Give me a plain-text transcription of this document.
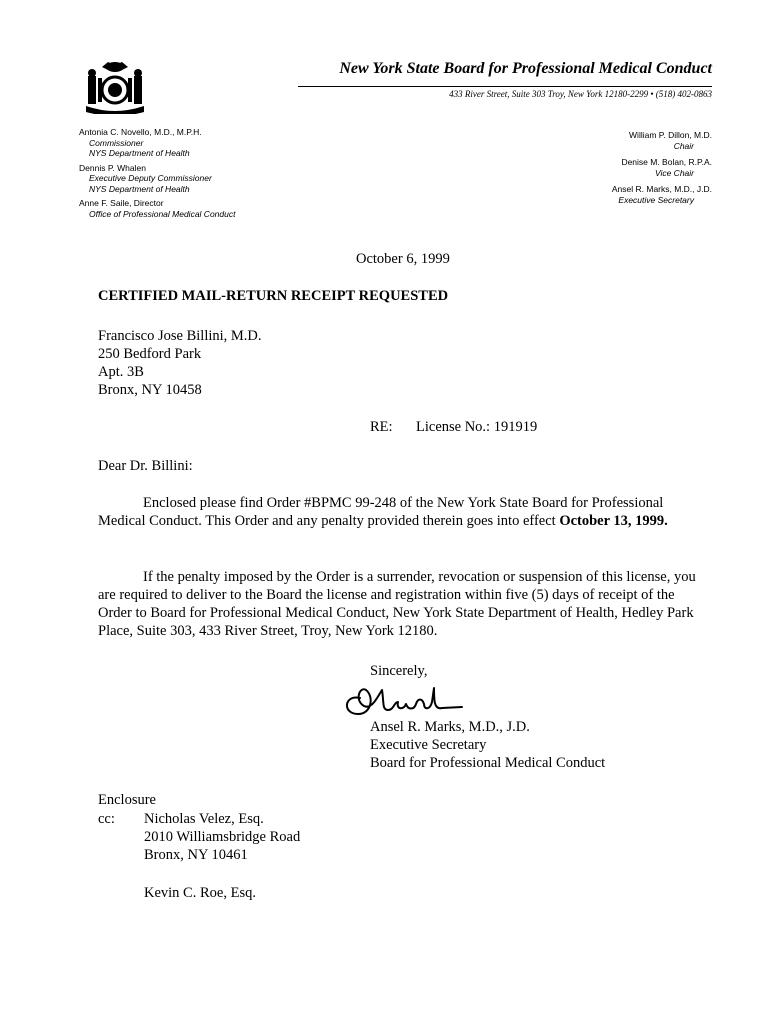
New York State Board for Professional Medical Conduct
433 River Street, Suite 303 Troy, New York 12180-2299 • (518) 402-0863
Antonia C. Novello, M.D., M.P.H.
Commissioner
NYS Department of Health
Dennis P. Whalen
Executive Deputy Commissioner
NYS Department of Health
Anne F. Saile, Director
Office of Professional Medical Conduct
William P. Dillon, M.D.
Chair
Denise M. Bolan, R.P.A.
Vice Chair
Ansel R. Marks, M.D., J.D.
Executive Secretary
October 6, 1999
CERTIFIED MAIL-RETURN RECEIPT REQUESTED
Francisco Jose Billini, M.D.
250 Bedford Park
Apt. 3B
Bronx, NY 10458
RE: License No.: 191919
Dear Dr. Billini:
Enclosed please find Order #BPMC 99-248 of the New York State Board for Professional Medical Conduct. This Order and any penalty provided therein goes into effect October 13, 1999.
If the penalty imposed by the Order is a surrender, revocation or suspension of this license, you are required to deliver to the Board the license and registration within five (5) days of receipt of the Order to Board for Professional Medical Conduct, New York State Department of Health, Hedley Park Place, Suite 303, 433 River Street, Troy, New York 12180.
Sincerely,
Ansel R. Marks, M.D., J.D.
Executive Secretary
Board for Professional Medical Conduct
Enclosure
cc: Nicholas Velez, Esq.
2010 Williamsbridge Road
Bronx, NY 10461
Kevin C. Roe, Esq.
